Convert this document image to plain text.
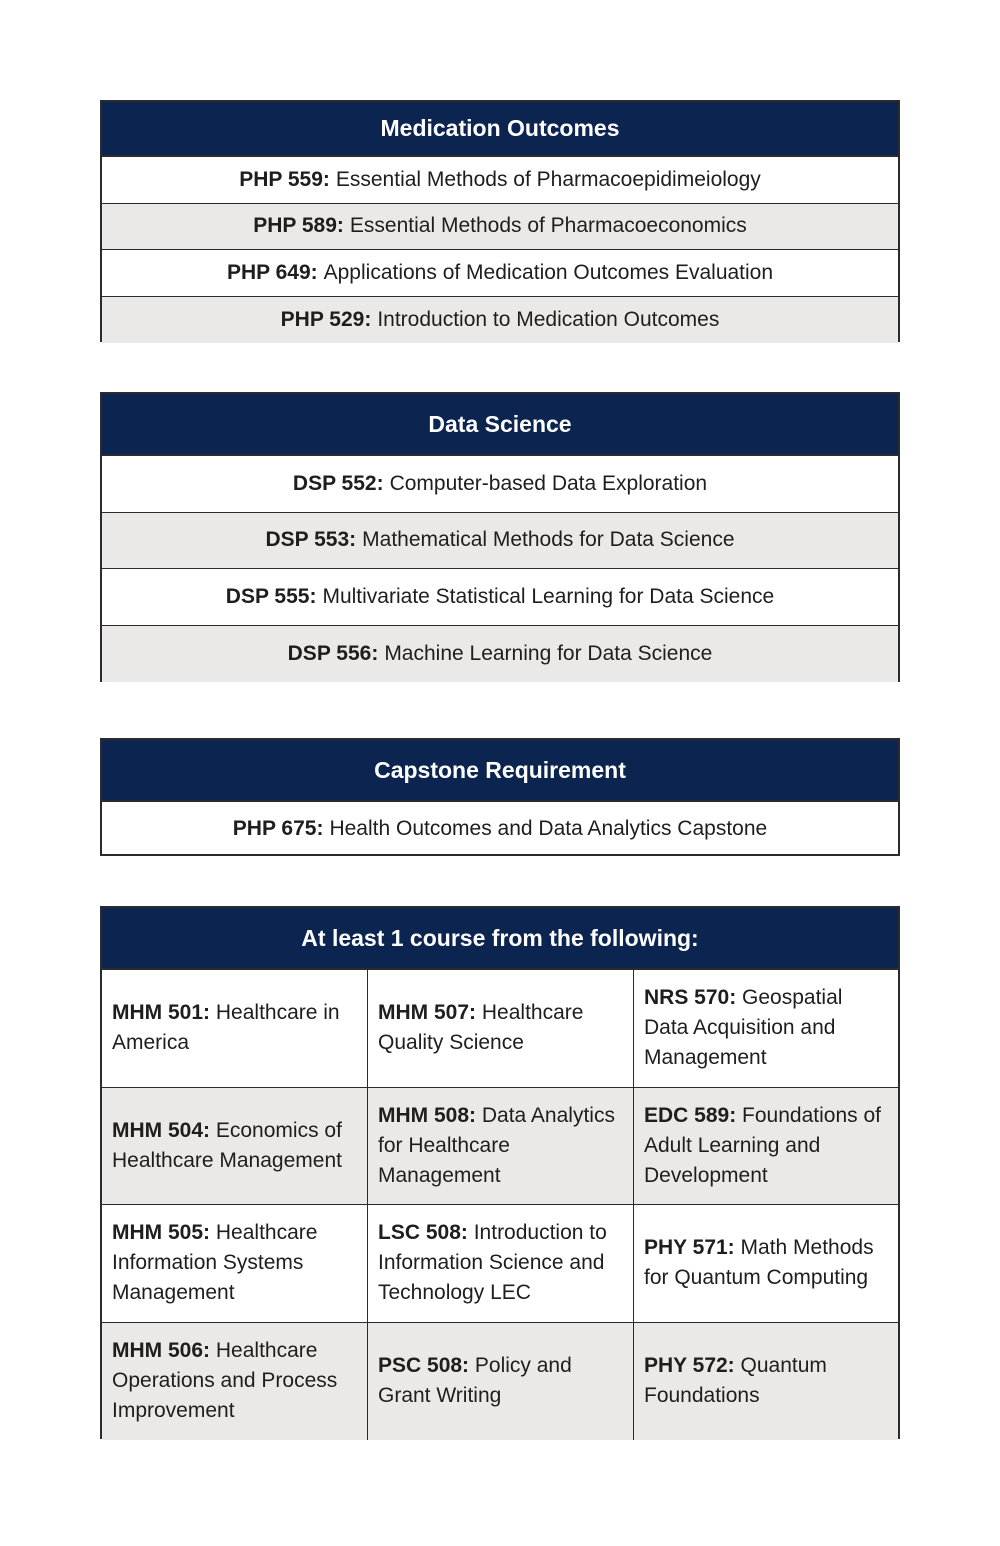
Medication Outcomes
PHP 559: Essential Methods of Pharmacoepidimeiology
PHP 589: Essential Methods of Pharmacoeconomics
PHP 649: Applications of Medication Outcomes Evaluation
PHP 529: Introduction to Medication Outcomes
Data Science
DSP 552: Computer-based Data Exploration
DSP 553: Mathematical Methods for Data Science
DSP 555: Multivariate Statistical Learning for Data Science
DSP 556: Machine Learning for Data Science
Capstone Requirement
PHP 675: Health Outcomes and Data Analytics Capstone
At least 1 course from the following:
MHM 501: Healthcare in America
MHM 507: Healthcare Quality Science
NRS 570: Geospatial Data Acquisition and Management
MHM 504: Economics of Healthcare Management
MHM 508: Data Analytics for Healthcare Management
EDC 589: Foundations of Adult Learning and Development
MHM 505: Healthcare Information Systems Management
LSC 508: Introduction to Information Science and Technology LEC
PHY 571: Math Methods for Quantum Computing
MHM 506: Healthcare Operations and Process Improvement
PSC 508: Policy and Grant Writing
PHY 572: Quantum Foundations
